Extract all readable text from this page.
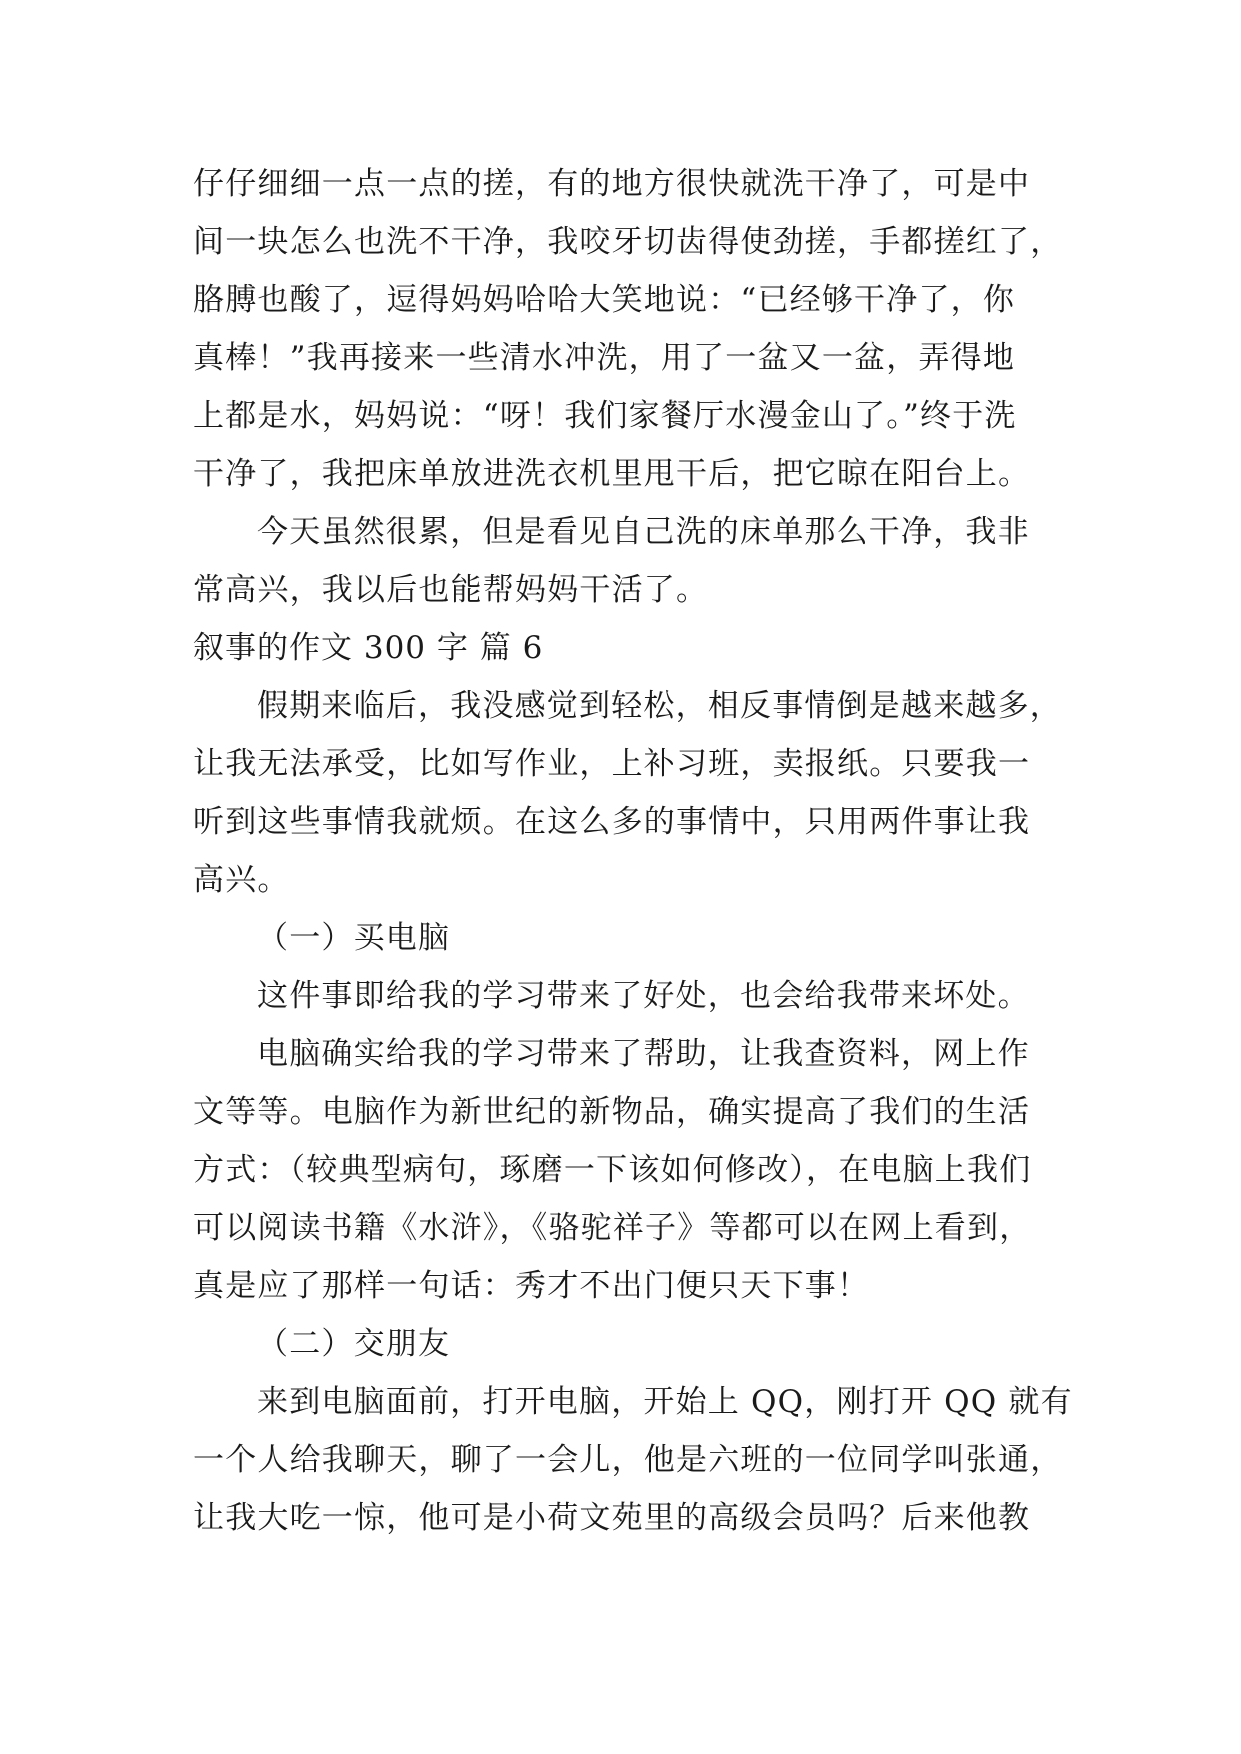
仔仔细细一点一点的搓，有的地方很快就洗干净了，可是中
间一块怎么也洗不干净，我咬牙切齿得使劲搓，手都搓红了，
胳膊也酸了，逗得妈妈哈哈大笑地说：“已经够干净了，你
真棒！”我再接来一些清水冲洗，用了一盆又一盆，弄得地
上都是水，妈妈说：“呀！我们家餐厅水漫金山了。”终于洗
干净了，我把床单放进洗衣机里甩干后，把它晾在阳台上。
今天虽然很累，但是看见自己洗的床单那么干净，我非
常高兴，我以后也能帮妈妈干活了。
叙事的作文 300 字 篇 6
假期来临后，我没感觉到轻松，相反事情倒是越来越多，
让我无法承受，比如写作业，上补习班，卖报纸。只要我一
听到这些事情我就烦。在这么多的事情中，只用两件事让我
高兴。
（一）买电脑
这件事即给我的学习带来了好处，也会给我带来坏处。
电脑确实给我的学习带来了帮助，让我查资料，网上作
文等等。电脑作为新世纪的新物品，确实提高了我们的生活
方式：（较典型病句，琢磨一下该如何修改），在电脑上我们
可以阅读书籍《水浒》，《骆驼祥子》等都可以在网上看到，
真是应了那样一句话：秀才不出门便只天下事！
（二）交朋友
来到电脑面前，打开电脑，开始上 QQ，刚打开 QQ 就有
一个人给我聊天，聊了一会儿，他是六班的一位同学叫张通，
让我大吃一惊，他可是小荷文苑里的高级会员吗？后来他教
